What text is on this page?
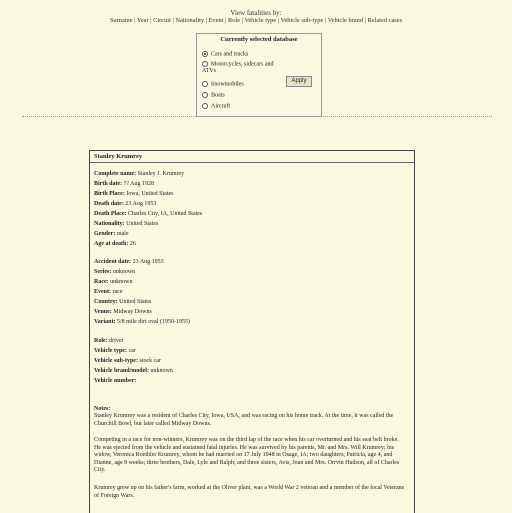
View fatalities by:
Surname | Year | Circuit | Nationality | Event | Role | Vehicle type | Vehicle sub-type | Vehicle brand | Related cases
Currently selected database
Cars and trucks
Motorcycles, sidecars and ATVs
Snowmobiles
Boats
Aircraft
Apply
Stanley Krumrey
Complete name: Stanley J. Krumrey
Birth date: ?? Aug 1928
Birth Place: Iowa, United States
Death date: 23 Aug 1953
Death Place: Charles City, IA, United States
Nationality: United States
Gender: male
Age at death: 26
Accident date: 23 Aug 1953
Series: unknown
Race: unknown
Event: race
Country: United States
Venue: Midway Downs
Variant: 5/8 mile dirt oval (1950-1955)
Role: driver
Vehicle type: car
Vehicle sub-type: stock car
Vehicle brand/model: unknown
Vehicle number:
Notes:
Stanley Krumrey was a resident of Charles City, Iowa, USA, and was racing on his home track. At the time, it was called the Churchill Bowl, but later called Midway Downs.
Competing in a race for non-winners, Krumrey was on the third lap of the race when his car overturned and his seat belt broke. He was ejected from the vehicle and sustained fatal injuries. He was survived by his parents, Mr. and Mrs. Will Krumrey; his widow, Veronica Roethler Krumrey, whom he had married on 17 July 1948 in Osage, IA; two daughters, Patricia, age 4, and Dianne, age 9 weeks; three brothers, Dale, Lyle and Ralph; and three sisters, Avis, Joan and Mrs. Orrvin Hudson, all of Charles City.
Krumrey grew up on his father's farm, worked at the Oliver plant, was a World War 2 veteran and a member of the local Veterans of Foreign Wars.
